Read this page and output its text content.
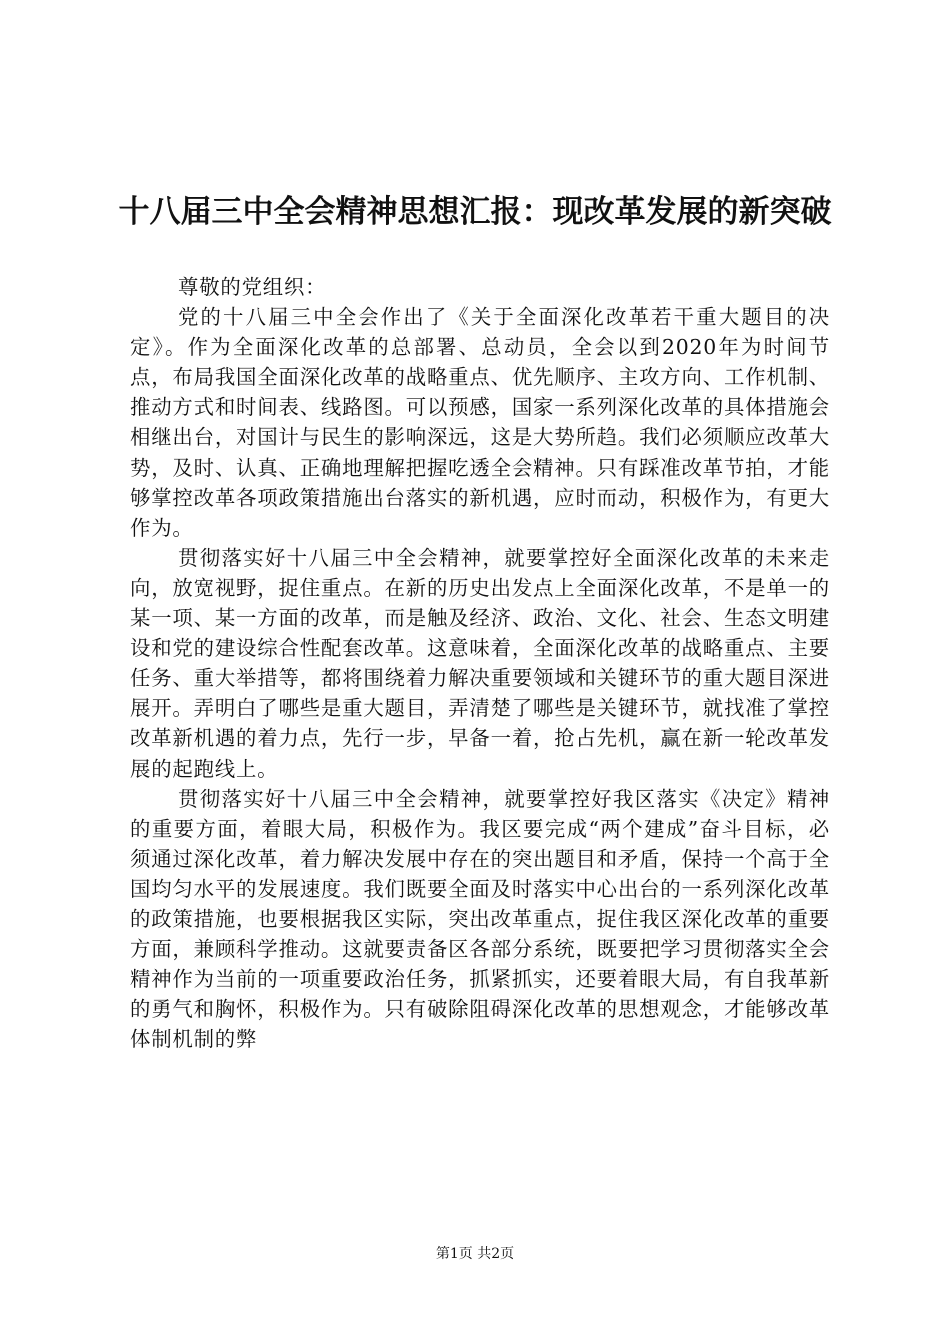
十八届三中全会精神思想汇报：现改革发展的新突破

尊敬的党组织：

党的十八届三中全会作出了《关于全面深化改革若干重大题目的决定》。作为全面深化改革的总部署、总动员，全会以到2020年为时间节点，布局我国全面深化改革的战略重点、优先顺序、主攻方向、工作机制、推动方式和时间表、线路图。可以预感，国家一系列深化改革的具体措施会相继出台，对国计与民生的影响深远，这是大势所趋。我们必须顺应改革大势，及时、认真、正确地理解把握吃透全会精神。只有踩准改革节拍，才能够掌控改革各项政策措施出台落实的新机遇，应时而动，积极作为，有更大作为。

贯彻落实好十八届三中全会精神，就要掌控好全面深化改革的未来走向，放宽视野，捉住重点。在新的历史出发点上全面深化改革，不是单一的某一项、某一方面的改革，而是触及经济、政治、文化、社会、生态文明建设和党的建设综合性配套改革。这意味着，全面深化改革的战略重点、主要任务、重大举措等，都将围绕着力解决重要领域和关键环节的重大题目深进展开。弄明白了哪些是重大题目，弄清楚了哪些是关键环节，就找准了掌控改革新机遇的着力点，先行一步，早备一着，抢占先机，赢在新一轮改革发展的起跑线上。

贯彻落实好十八届三中全会精神，就要掌控好我区落实《决定》精神的重要方面，着眼大局，积极作为。我区要完成“两个建成”奋斗目标，必须通过深化改革，着力解决发展中存在的突出题目和矛盾，保持一个高于全国均匀水平的发展速度。我们既要全面及时落实中心出台的一系列深化改革的政策措施，也要根据我区实际，突出改革重点，捉住我区深化改革的重要方面，兼顾科学推动。这就要责备区各部分系统，既要把学习贯彻落实全会精神作为当前的一项重要政治任务，抓紧抓实，还要着眼大局，有自我革新的勇气和胸怀，积极作为。只有破除阻碍深化改革的思想观念，才能够改革体制机制的弊

第1页 共2页
